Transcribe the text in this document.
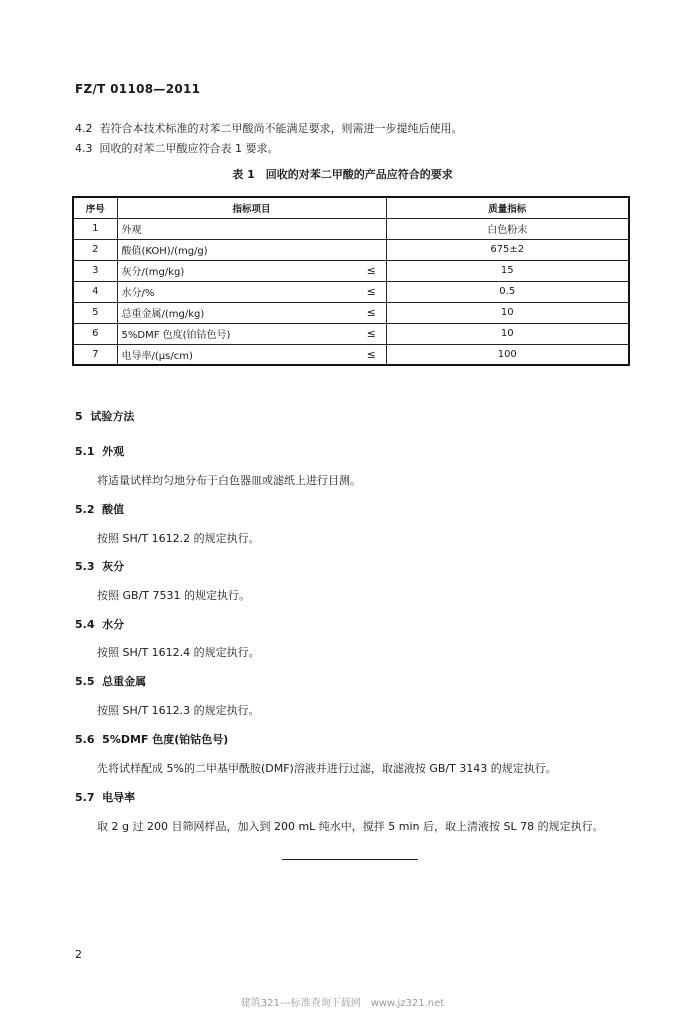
FZ/T 01108—2011
4.2 若符合本技术标准的对苯二甲酸尚不能满足要求，则需进一步提纯后使用。
4.3 回收的对苯二甲酸应符合表 1 要求。
表 1　回收的对苯二甲酸的产品应符合的要求
序号	指标项目		质量指标
1	外观		白色粉末
2	酸值(KOH)/(mg/g)		675±2
3	灰分/(mg/kg)	≤	15
4	水分/%	≤	0.5
5	总重金属/(mg/kg)	≤	10
6	5%DMF 色度(铂钴色号)	≤	10
7	电导率/(μs/cm)	≤	100
5 试验方法
5.1 外观
将适量试样均匀地分布于白色器皿或滤纸上进行目测。
5.2 酸值
按照 SH/T 1612.2 的规定执行。
5.3 灰分
按照 GB/T 7531 的规定执行。
5.4 水分
按照 SH/T 1612.4 的规定执行。
5.5 总重金属
按照 SH/T 1612.3 的规定执行。
5.6 5%DMF 色度(铂钴色号)
先将试样配成 5%的二甲基甲酰胺(DMF)溶液并进行过滤，取滤液按 GB/T 3143 的规定执行。
5.7 电导率
取 2 g 过 200 目筛网样品，加入到 200 mL 纯水中，搅拌 5 min 后，取上清液按 SL 78 的规定执行。
2
建筑321---标准查询下载网　www.jz321.net
